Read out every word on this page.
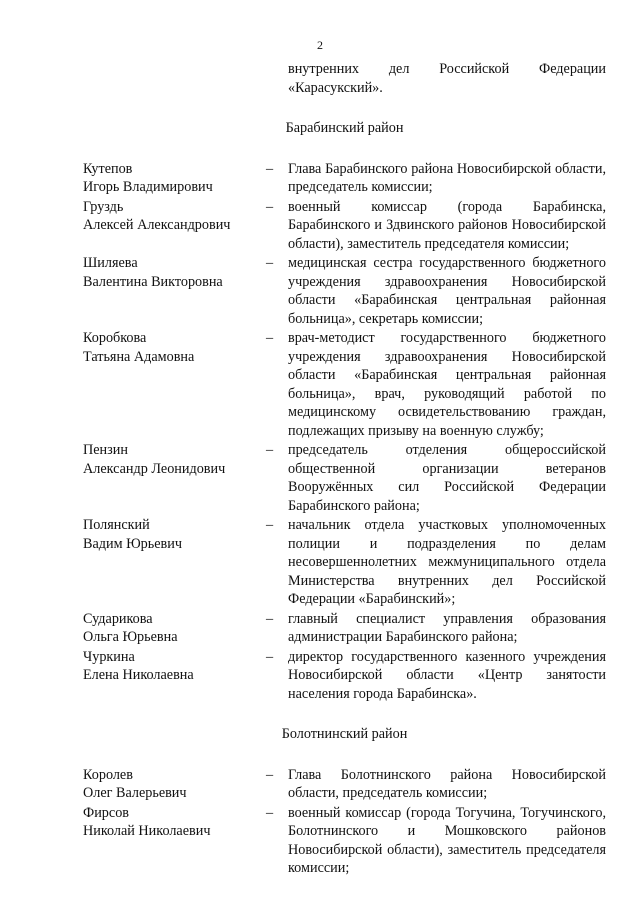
2
внутренних дел Российской Федерации «Карасукский».
Барабинский район
Кутепов
Игорь Владимирович
–	Глава Барабинского района Новосибирской области, председатель комиссии;
Груздь
Алексей Александрович
–	военный комиссар (города Барабинска, Барабинского и Здвинского районов Новосибирской области), заместитель председателя комиссии;
Шиляева
Валентина Викторовна
–	медицинская сестра государственного бюджетного учреждения здравоохранения Новосибирской области «Барабинская центральная районная больница», секретарь комиссии;
Коробкова
Татьяна Адамовна
–	врач-методист государственного бюджетного учреждения здравоохранения Новосибирской области «Барабинская центральная районная больница», врач, руководящий работой по медицинскому освидетельствованию граждан, подлежащих призыву на военную службу;
Пензин
Александр Леонидович
–	председатель отделения общероссийской общественной организации ветеранов Вооружённых сил Российской Федерации Барабинского района;
Полянский
Вадим Юрьевич
–	начальник отдела участковых уполномоченных полиции и подразделения по делам несовершеннолетних межмуниципального отдела Министерства внутренних дел Российской Федерации «Барабинский»;
Сударикова
Ольга Юрьевна
–	главный специалист управления образования администрации Барабинского района;
Чуркина
Елена Николаевна
–	директор государственного казенного учреждения Новосибирской области «Центр занятости населения города Барабинска».
Болотнинский район
Королев
Олег Валерьевич
–	Глава Болотнинского района Новосибирской области, председатель комиссии;
Фирсов
Николай Николаевич
–	военный комиссар (города Тогучина, Тогучинского, Болотнинского и Мошковского районов Новосибирской области), заместитель председателя комиссии;
